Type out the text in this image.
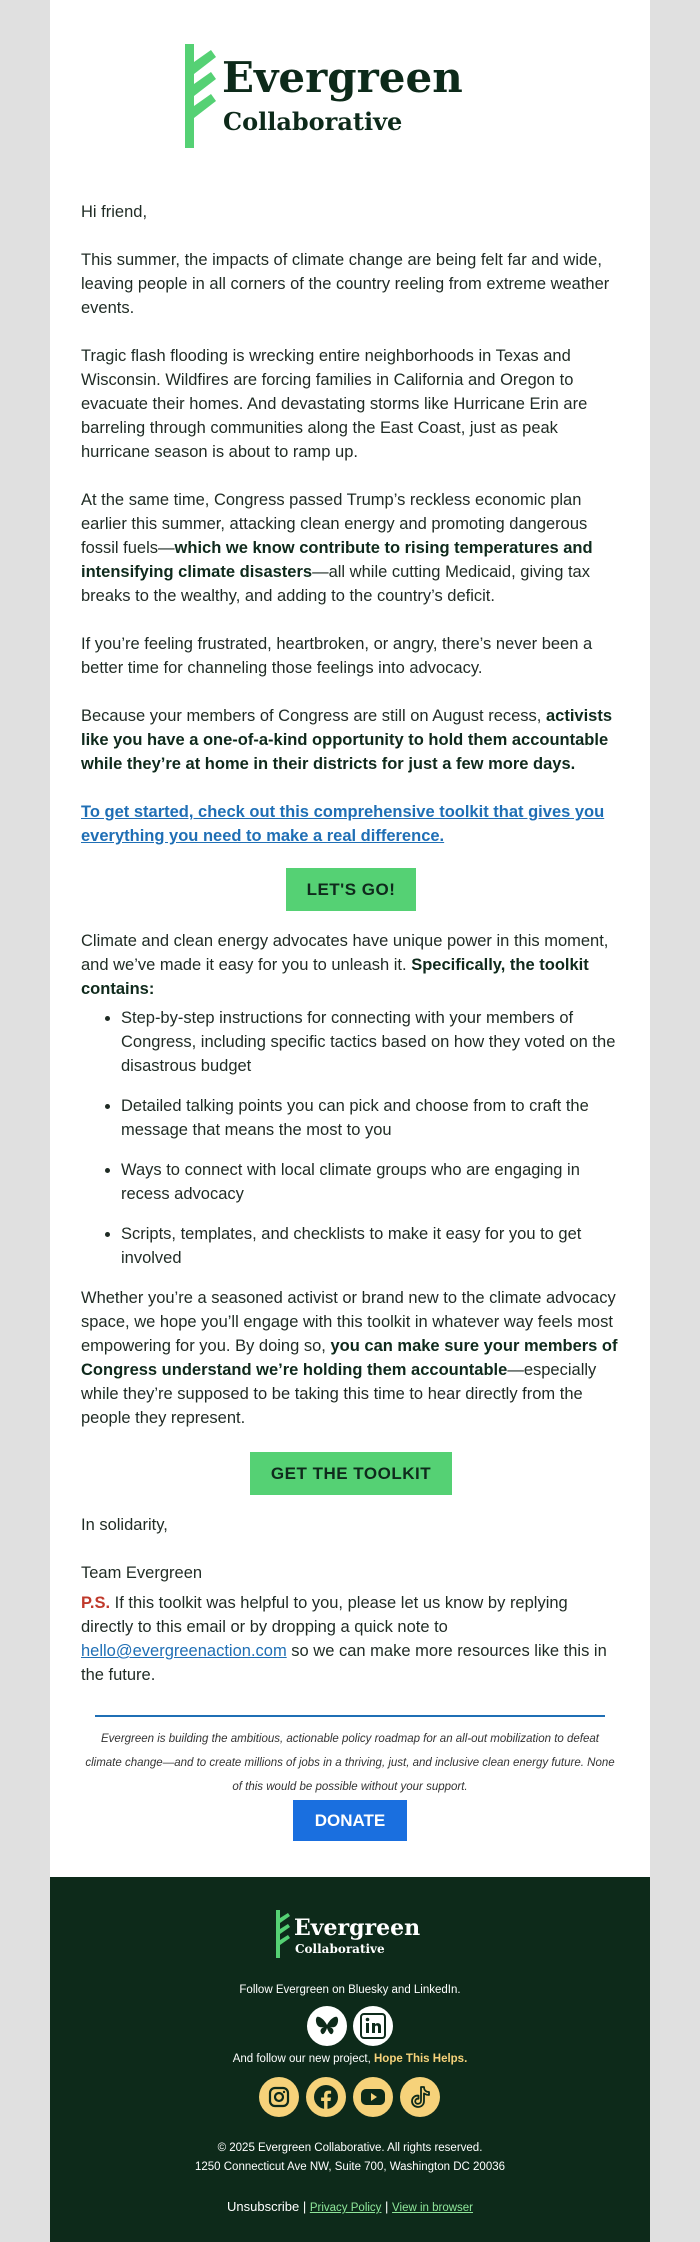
Evergreen
Collaborative

Hi friend,

This summer, the impacts of climate change are being felt far and wide, leaving people in all corners of the country reeling from extreme weather events.

Tragic flash flooding is wrecking entire neighborhoods in Texas and Wisconsin. Wildfires are forcing families in California and Oregon to evacuate their homes. And devastating storms like Hurricane Erin are barreling through communities along the East Coast, just as peak hurricane season is about to ramp up.

At the same time, Congress passed Trump’s reckless economic plan earlier this summer, attacking clean energy and promoting dangerous fossil fuels—which we know contribute to rising temperatures and intensifying climate disasters—all while cutting Medicaid, giving tax breaks to the wealthy, and adding to the country’s deficit.

If you’re feeling frustrated, heartbroken, or angry, there’s never been a better time for channeling those feelings into advocacy.

Because your members of Congress are still on August recess, activists like you have a one-of-a-kind opportunity to hold them accountable while they’re at home in their districts for just a few more days.

To get started, check out this comprehensive toolkit that gives you everything you need to make a real difference.

LET'S GO!

Climate and clean energy advocates have unique power in this moment, and we’ve made it easy for you to unleash it. Specifically, the toolkit contains:

• Step-by-step instructions for connecting with your members of Congress, including specific tactics based on how they voted on the disastrous budget
• Detailed talking points you can pick and choose from to craft the message that means the most to you
• Ways to connect with local climate groups who are engaging in recess advocacy
• Scripts, templates, and checklists to make it easy for you to get involved

Whether you’re a seasoned activist or brand new to the climate advocacy space, we hope you’ll engage with this toolkit in whatever way feels most empowering for you. By doing so, you can make sure your members of Congress understand we’re holding them accountable—especially while they’re supposed to be taking this time to hear directly from the people they represent.

GET THE TOOLKIT

In solidarity,

Team Evergreen

P.S. If this toolkit was helpful to you, please let us know by replying directly to this email or by dropping a quick note to hello@evergreenaction.com so we can make more resources like this in the future.

Evergreen is building the ambitious, actionable policy roadmap for an all-out mobilization to defeat climate change—and to create millions of jobs in a thriving, just, and inclusive clean energy future. None of this would be possible without your support.
DONATE
Evergreen
Collaborative
Follow Evergreen on Bluesky and LinkedIn.
And follow our new project, Hope This Helps.
© 2025 Evergreen Collaborative. All rights reserved.
1250 Connecticut Ave NW, Suite 700, Washington DC 20036
Unsubscribe | Privacy Policy | View in browser
